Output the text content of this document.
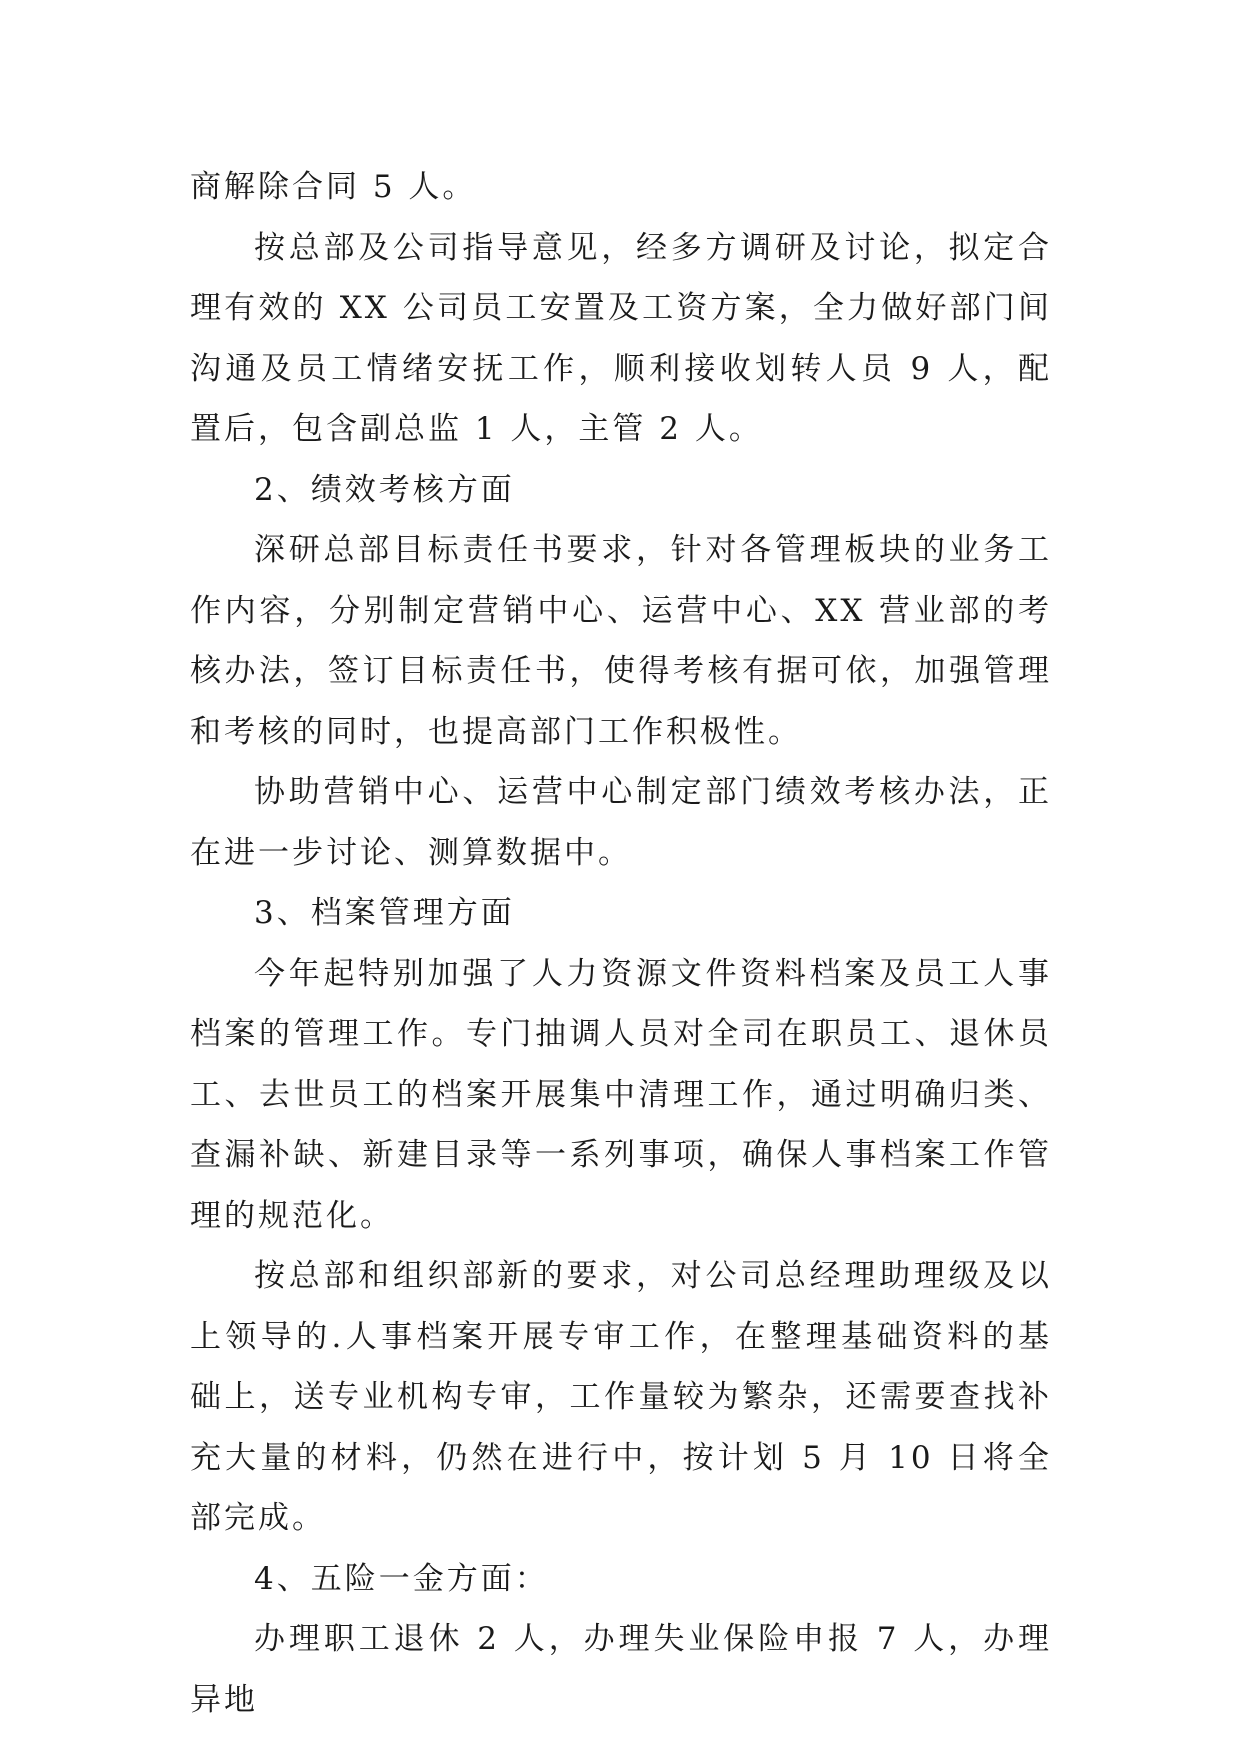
商解除合同 5 人。

按总部及公司指导意见，经多方调研及讨论，拟定合理有效的 XX 公司员工安置及工资方案，全力做好部门间沟通及员工情绪安抚工作，顺利接收划转人员 9 人，配置后，包含副总监 1 人，主管 2 人。

2、绩效考核方面

深研总部目标责任书要求，针对各管理板块的业务工作内容，分别制定营销中心、运营中心、XX 营业部的考核办法，签订目标责任书，使得考核有据可依，加强管理和考核的同时，也提高部门工作积极性。

协助营销中心、运营中心制定部门绩效考核办法，正在进一步讨论、测算数据中。

3、档案管理方面

今年起特别加强了人力资源文件资料档案及员工人事档案的管理工作。专门抽调人员对全司在职员工、退休员工、去世员工的档案开展集中清理工作，通过明确归类、查漏补缺、新建目录等一系列事项，确保人事档案工作管理的规范化。

按总部和组织部新的要求，对公司总经理助理级及以上领导的.人事档案开展专审工作，在整理基础资料的基础上，送专业机构专审，工作量较为繁杂，还需要查找补充大量的材料，仍然在进行中，按计划 5 月 10 日将全部完成。

4、五险一金方面：

办理职工退休 2 人，办理失业保险申报 7 人，办理异地
